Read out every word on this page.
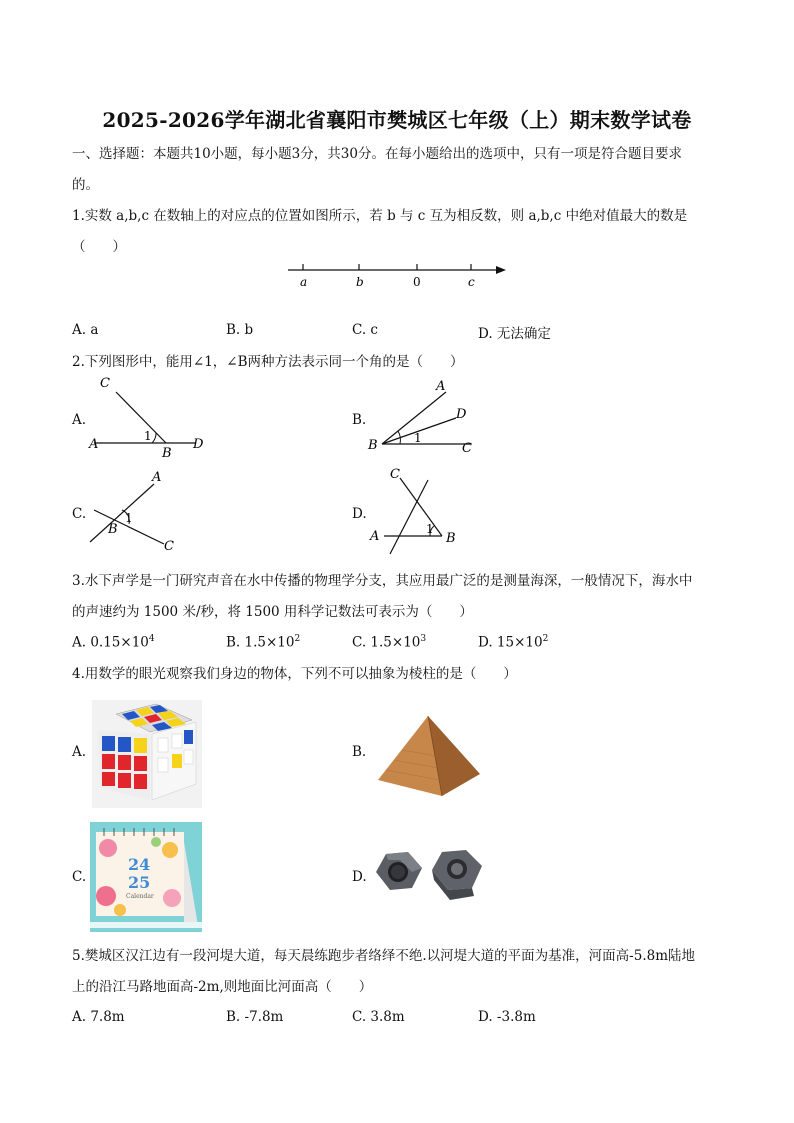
2025-2026学年湖北省襄阳市樊城区七年级（上）期末数学试卷
一、选择题：本题共10小题，每小题3分，共30分。在每小题给出的选项中，只有一项是符合题目要求
的。
1.实数 a,b,c 在数轴上的对应点的位置如图所示，若 b 与 c 互为相反数，则 a,b,c 中绝对值最大的数是
（　　）
a	b	0	c
A. a	B. b	C. c	D. 无法确定
2.下列图形中，能用∠1，∠B两种方法表示同一个角的是（　　）
A.
C
A
B
D
1
B.
A
D
B	C
1
C.
A
B
C
1	D.
C
A	B
1
3.水下声学是一门研究声音在水中传播的物理学分支，其应用最广泛的是测量海深，一般情况下，海水中
的声速约为 1500 米/秒，将 1500 用科学记数法可表示为（　　）
A. $0.15\times 10^4$	B. $1.5\times 10^2$	C. $1.5\times 10^3$	D. $15\times 10^2$
4.用数学的眼光观察我们身边的物体，下列不可以抽象为棱柱的是（　　）
A.	B.
C.
24
25
Calendar
D.
5.樊城区汉江边有一段河堤大道，每天晨练跑步者络绎不绝.以河堤大道的平面为基准，河面高-5.8m陆地
上的沿江马路地面高-2m,则地面比河面高（　　）
A. 7.8m	B. -7.8m	C. 3.8m	D. -3.8m
